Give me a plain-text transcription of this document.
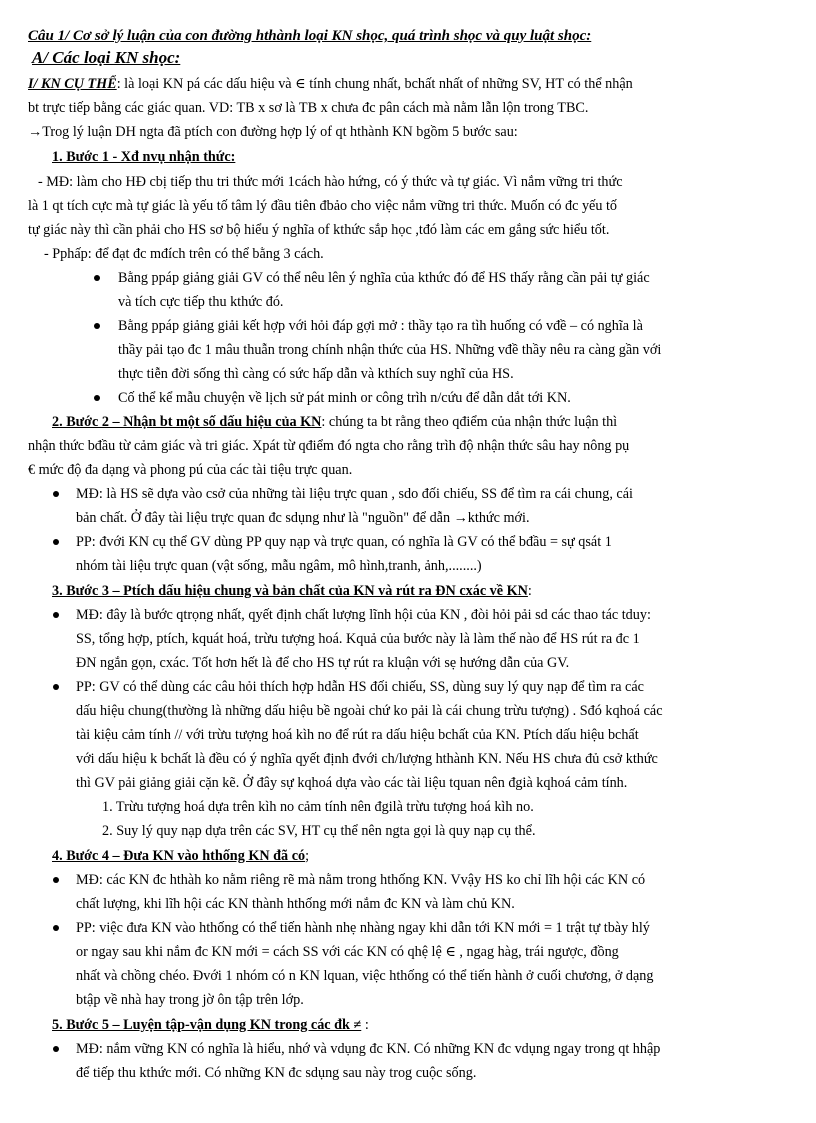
Câu 1/ Cơ sở lý luận của con đường hthành loại KN shọc, quá trình shọc và quy luật shọc:
A/ Các loại KN shọc:
I/ KN CỤ THỂ: là loại KN pá các dấu hiệu và ∈ tính chung nhất, bchất nhất of những SV, HT có thể nhận
bt trực tiếp bằng các giác quan. VD: TB x sơ là TB x chưa đc pân cách mà nằm lẫn lộn trong TBC.
→Trog lý luận DH ngta đã ptích con đường hợp lý of qt hthành KN bgồm 5 bước sau:
1. Bước 1 - Xđ nvụ nhận thức:
- MĐ: làm cho HĐ cbị tiếp thu tri thức mới 1cách hào hứng, có ý thức và tự giác. Vì nắm vững tri thức
là 1 qt tích cực mà tự giác là yếu tố tâm lý đầu tiên đbảo cho việc nắm vững tri thức. Muốn có đc yếu tố
tự giác này thì cần phải cho HS sơ bộ hiểu ý nghĩa of kthức sắp học ,tđó làm các em gắng sức hiểu tốt.
- Pphấp: để đạt đc mđích trên có thể bằng 3 cách.
Bằng ppáp giảng giải GV có thể nêu lên ý nghĩa của kthức đó để HS thấy rằng cần pải tự giác
và tích cực tiếp thu kthức đó.
Bằng ppáp giảng giải kết hợp với hỏi đáp gợi mở : thầy tạo ra tìh huống có vđề – có nghĩa là
thầy pải tạo đc 1 mâu thuẫn trong chính nhận thức của HS. Những vđề thầy nêu ra càng gần với
thực tiễn đời sống thì càng có sức hấp dẫn và kthích suy nghĩ của HS.
Cố thể kể mẫu chuyện về lịch sử pát minh or công trìh n/cứu để dẫn dắt tới KN.
2. Bước 2 – Nhận bt một số dấu hiệu của KN: chúng ta bt rằng theo qđiểm của nhận thức luận thì
nhận thức bđầu từ cảm giác và tri giác. Xpát từ qđiểm đó ngta cho rằng trìh độ nhận thức sâu hay nông pụ
€ mức độ đa dạng và phong pú của các tài tiệu trực quan.
MĐ: là HS sẽ dựa vào csở của những tài liệu trực quan , sdo đối chiếu, SS để tìm ra cái chung, cái
bản chất. Ở đây tài liệu trực quan đc sdụng như là "nguồn" để dẫn →kthức mới.
PP: đvới KN cụ thể GV dùng PP quy nạp và trực quan, có nghĩa là GV có thể bđầu = sự qsát 1
nhóm tài liệu trực quan (vật sống, mẫu ngâm, mô hình,tranh, ảnh,........)
3. Bước 3 – Ptích dấu hiệu chung và bản chất của KN và rút ra ĐN cxác về KN:
MĐ: đây là bước qtrọng nhất, qyết định chất lượng lĩnh hội của KN , đòi hỏi pải sd các thao tác tduy:
SS, tổng hợp, ptích, kquát hoá, trừu tượng hoá. Kquả của bước này là làm thế nào để HS rút ra đc 1
ĐN ngắn gọn, cxác. Tốt hơn hết là để cho HS tự rút ra kluận với sẹ hướng dẫn của GV.
PP: GV có thể dùng các câu hỏi thích hợp hdẫn HS đối chiếu, SS, dùng suy lý quy nạp để tìm ra các
dấu hiệu chung(thường là những dấu hiệu bề ngoài chứ ko pải là cái chung trừu tượng) . Sđó kqhoá các
tài kiệu cảm tính // với trừu tượng hoá kìh no để rút ra dấu hiệu bchất của KN. Ptích dấu hiệu bchất
với dấu hiệu k bchất là đều có ý nghĩa qyết định đvới ch/lượng hthành KN. Nếu HS chưa đủ csở kthức
thì GV pải giảng giải cặn kẽ. Ở đây sự kqhoá dựa vào các tài liệu tquan nên đgià kqhoá cảm tính.
1. Trừu tượng hoá dựa trên kìh no cảm tính nên đgilà trừu tượng hoá kìh no.
2. Suy lý quy nạp dựa trên các SV, HT cụ thể nên ngta gọi là quy nạp cụ thể.
4. Bước 4 – Đưa KN vào hthống KN đã có;
MĐ: các KN đc hthàh ko nằm riêng rẽ mà nằm trong hthống KN. Vvậy HS ko chỉ lĩh hội các KN có
chất lượng, khi lĩh hội các KN thành hthống mới nắm đc KN và làm chủ KN.
PP: việc đưa KN vào hthống có thể tiến hành nhẹ nhàng ngay khi dẫn tới KN mới = 1 trật tự tbày hlý
or ngay sau khi nắm đc KN mới = cách SS với các KN có qhệ lệ ∈ , ngag hàg, trái ngược, đồng
nhất và chồng chéo. Đvới 1 nhóm có n KN lquan, việc hthống có thể tiến hành ở cuối chương, ở dạng
btập về nhà hay trong jờ ôn tập trên lớp.
5. Bước 5 – Luyện tập-vận dụng KN trong các đk ≠ :
MĐ: nắm vững KN có nghĩa là hiểu, nhớ và vdụng đc KN. Có những KN đc vdụng ngay trong qt hhập
để tiếp thu kthức mới. Có những KN đc sdụng sau này trog cuộc sống.
